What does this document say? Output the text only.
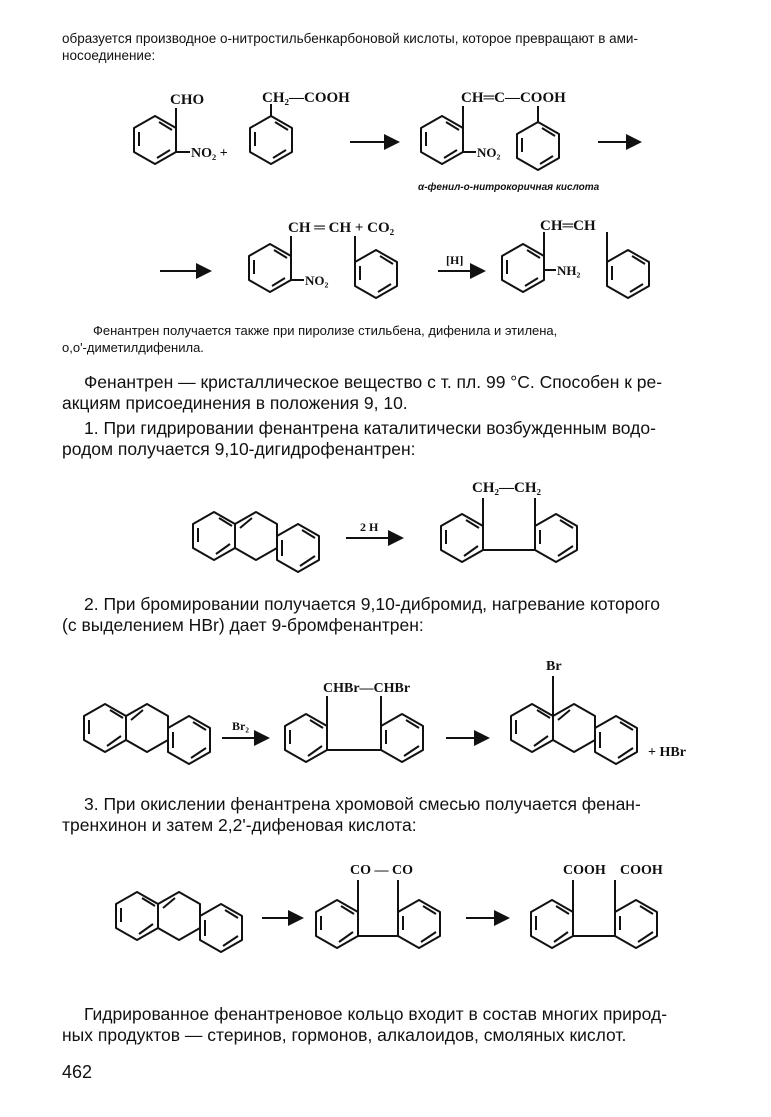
образуется производное о-нитростильбенкарбоновой кислоты, которое превращают в ами-
носоединение:
CHO
NO₂ +
CH₂—COOH	CH═C—COOH
NO₂
α-фенил-о-нитрокоричная кислота
CH ═ CH + CO₂
NO₂
[H]
CH═CH
NH₂
Фенантрен получается также при пиролизе стильбена, дифенила и этилена,
о,о'-диметилдифенила.
Фенантрен — кристаллическое вещество с т. пл. 99 °С. Способен к ре-
акциям присоединения в положения 9, 10.
1. При гидрировании фенантрена каталитически возбужденным водо-
родом получается 9,10-дигидрофенантрен:
2 H
CH₂—CH₂
2. При бромировании получается 9,10-дибромид, нагревание которого
(с выделением HBr) дает 9-бромфенантрен:
Br₂
CHBr—CHBr
Br
+ HBr
3. При окислении фенантрена хромовой смесью получается фенан-
тренхинон и затем 2,2'-дифеновая кислота:
CO — CO	COOH COOH
Гидрированное фенантреновое кольцо входит в состав многих природ-
ных продуктов — стеринов, гормонов, алкалоидов, смоляных кислот.
462
